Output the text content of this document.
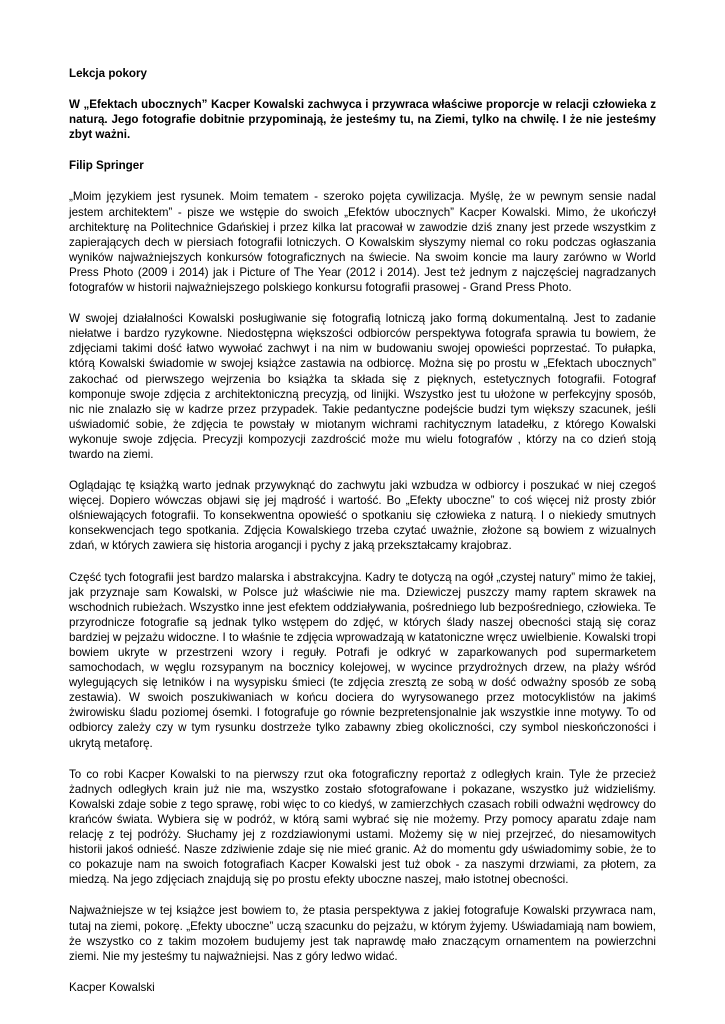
Lekcja pokory

W „Efektach ubocznych” Kacper Kowalski zachwyca i przywraca właściwe proporcje w relacji człowieka z naturą. Jego fotografie dobitnie przypominają, że jesteśmy tu, na Ziemi, tylko na chwilę. I że nie jesteśmy zbyt ważni.

Filip Springer

„Moim językiem jest rysunek. Moim tematem - szeroko pojęta cywilizacja. Myślę, że w pewnym sensie nadal jestem architektem” - pisze we wstępie do swoich „Efektów ubocznych” Kacper Kowalski. Mimo, że ukończył architekturę na Politechnice Gdańskiej i przez kilka lat pracował w zawodzie dziś znany jest przede wszystkim z zapierających dech w piersiach fotografii lotniczych. O Kowalskim słyszymy niemal co roku podczas ogłaszania wyników najważniejszych konkursów fotograficznych na świecie. Na swoim koncie ma laury zarówno w World Press Photo (2009 i 2014) jak i Picture of The Year (2012 i 2014). Jest też jednym z najczęściej nagradzanych fotografów w historii najważniejszego polskiego konkursu fotografii prasowej - Grand Press Photo.

W swojej działalności Kowalski posługiwanie się fotografią lotniczą jako formą dokumentalną. Jest to zadanie niełatwe i bardzo ryzykowne. Niedostępna większości odbiorców perspektywa fotografa sprawia tu bowiem, że zdjęciami takimi dość łatwo wywołać zachwyt i na nim w budowaniu swojej opowieści poprzestać. To pułapka, którą Kowalski świadomie w swojej książce zastawia na odbiorcę. Można się po prostu w „Efektach ubocznych” zakochać od pierwszego wejrzenia bo książka ta składa się z pięknych, estetycznych fotografii. Fotograf komponuje swoje zdjęcia z architektoniczną precyzją, od linijki. Wszystko jest tu ułożone w perfekcyjny sposób, nic nie znalazło się w kadrze przez przypadek. Takie pedantyczne podejście budzi tym większy szacunek, jeśli uświadomić sobie, że zdjęcia te powstały w miotanym wichrami rachitycznym latadełku, z którego Kowalski wykonuje swoje zdjęcia. Precyzji kompozycji zazdrościć może mu wielu fotografów , którzy na co dzień stoją twardo na ziemi.

Oglądając tę książką warto jednak przywyknąć do zachwytu jaki wzbudza w odbiorcy i poszukać w niej czegoś więcej. Dopiero wówczas objawi się jej mądrość i wartość. Bo „Efekty uboczne” to coś więcej niż prosty zbiór olśniewających fotografii. To konsekwentna opowieść o spotkaniu się człowieka z naturą. I o niekiedy smutnych konsekwencjach tego spotkania. Zdjęcia Kowalskiego trzeba czytać uważnie, złożone są bowiem z wizualnych zdań, w których zawiera się historia arogancji i pychy z jaką przekształcamy krajobraz.

Część tych fotografii jest bardzo malarska i abstrakcyjna. Kadry te dotyczą na ogół „czystej natury” mimo że takiej, jak przyznaje sam Kowalski, w Polsce już właściwie nie ma. Dziewiczej puszczy mamy raptem skrawek na wschodnich rubieżach. Wszystko inne jest efektem oddziaływania, pośredniego lub bezpośredniego, człowieka. Te przyrodnicze fotografie są jednak tylko wstępem do zdjęć, w których ślady naszej obecności stają się coraz bardziej w pejzażu widoczne. I to właśnie te zdjęcia wprowadzają w katatoniczne wręcz uwielbienie. Kowalski tropi bowiem ukryte w przestrzeni wzory i reguły. Potrafi je odkryć w zaparkowanych pod supermarketem samochodach, w węglu rozsypanym na bocznicy kolejowej, w wycince przydrożnych drzew, na plaży wśród wylegujących się letników i na wysypisku śmieci (te zdjęcia zresztą ze sobą w dość odważny sposób ze sobą zestawia). W swoich poszukiwaniach w końcu dociera do wyrysowanego przez motocyklistów na jakimś żwirowisku śladu poziomej ósemki. I fotografuje go równie bezpretensjonalnie jak wszystkie inne motywy. To od odbiorcy zależy czy w tym rysunku dostrzeże tylko zabawny zbieg okoliczności, czy symbol nieskończoności i ukrytą metaforę.

To co robi Kacper Kowalski to na pierwszy rzut oka fotograficzny reportaż z odległych krain. Tyle że przecież żadnych odległych krain już nie ma, wszystko zostało sfotografowane i pokazane, wszystko już widzieliśmy. Kowalski zdaje sobie z tego sprawę, robi więc to co kiedyś, w zamierzchłych czasach robili odważni wędrowcy do krańców świata. Wybiera się w podróż, w którą sami wybrać się nie możemy. Przy pomocy aparatu zdaje nam relację z tej podróży. Słuchamy jej z rozdziawionymi ustami. Możemy się w niej przejrzeć, do niesamowitych historii jakoś odnieść. Nasze zdziwienie zdaje się nie mieć granic. Aż do momentu gdy uświadomimy sobie, że to co pokazuje nam na swoich fotografiach Kacper Kowalski jest tuż obok - za naszymi drzwiami, za płotem, za miedzą. Na jego zdjęciach znajdują się po prostu efekty uboczne naszej, mało istotnej obecności.

Najważniejsze w tej książce jest bowiem to, że ptasia perspektywa z jakiej fotografuje Kowalski przywraca nam, tutaj na ziemi, pokorę. „Efekty uboczne” uczą szacunku do pejzażu, w którym żyjemy. Uświadamiają nam bowiem, że wszystko co z takim mozołem budujemy jest tak naprawdę mało znaczącym ornamentem na powierzchni ziemi. Nie my jesteśmy tu najważniejsi. Nas z góry ledwo widać.

Kacper Kowalski
